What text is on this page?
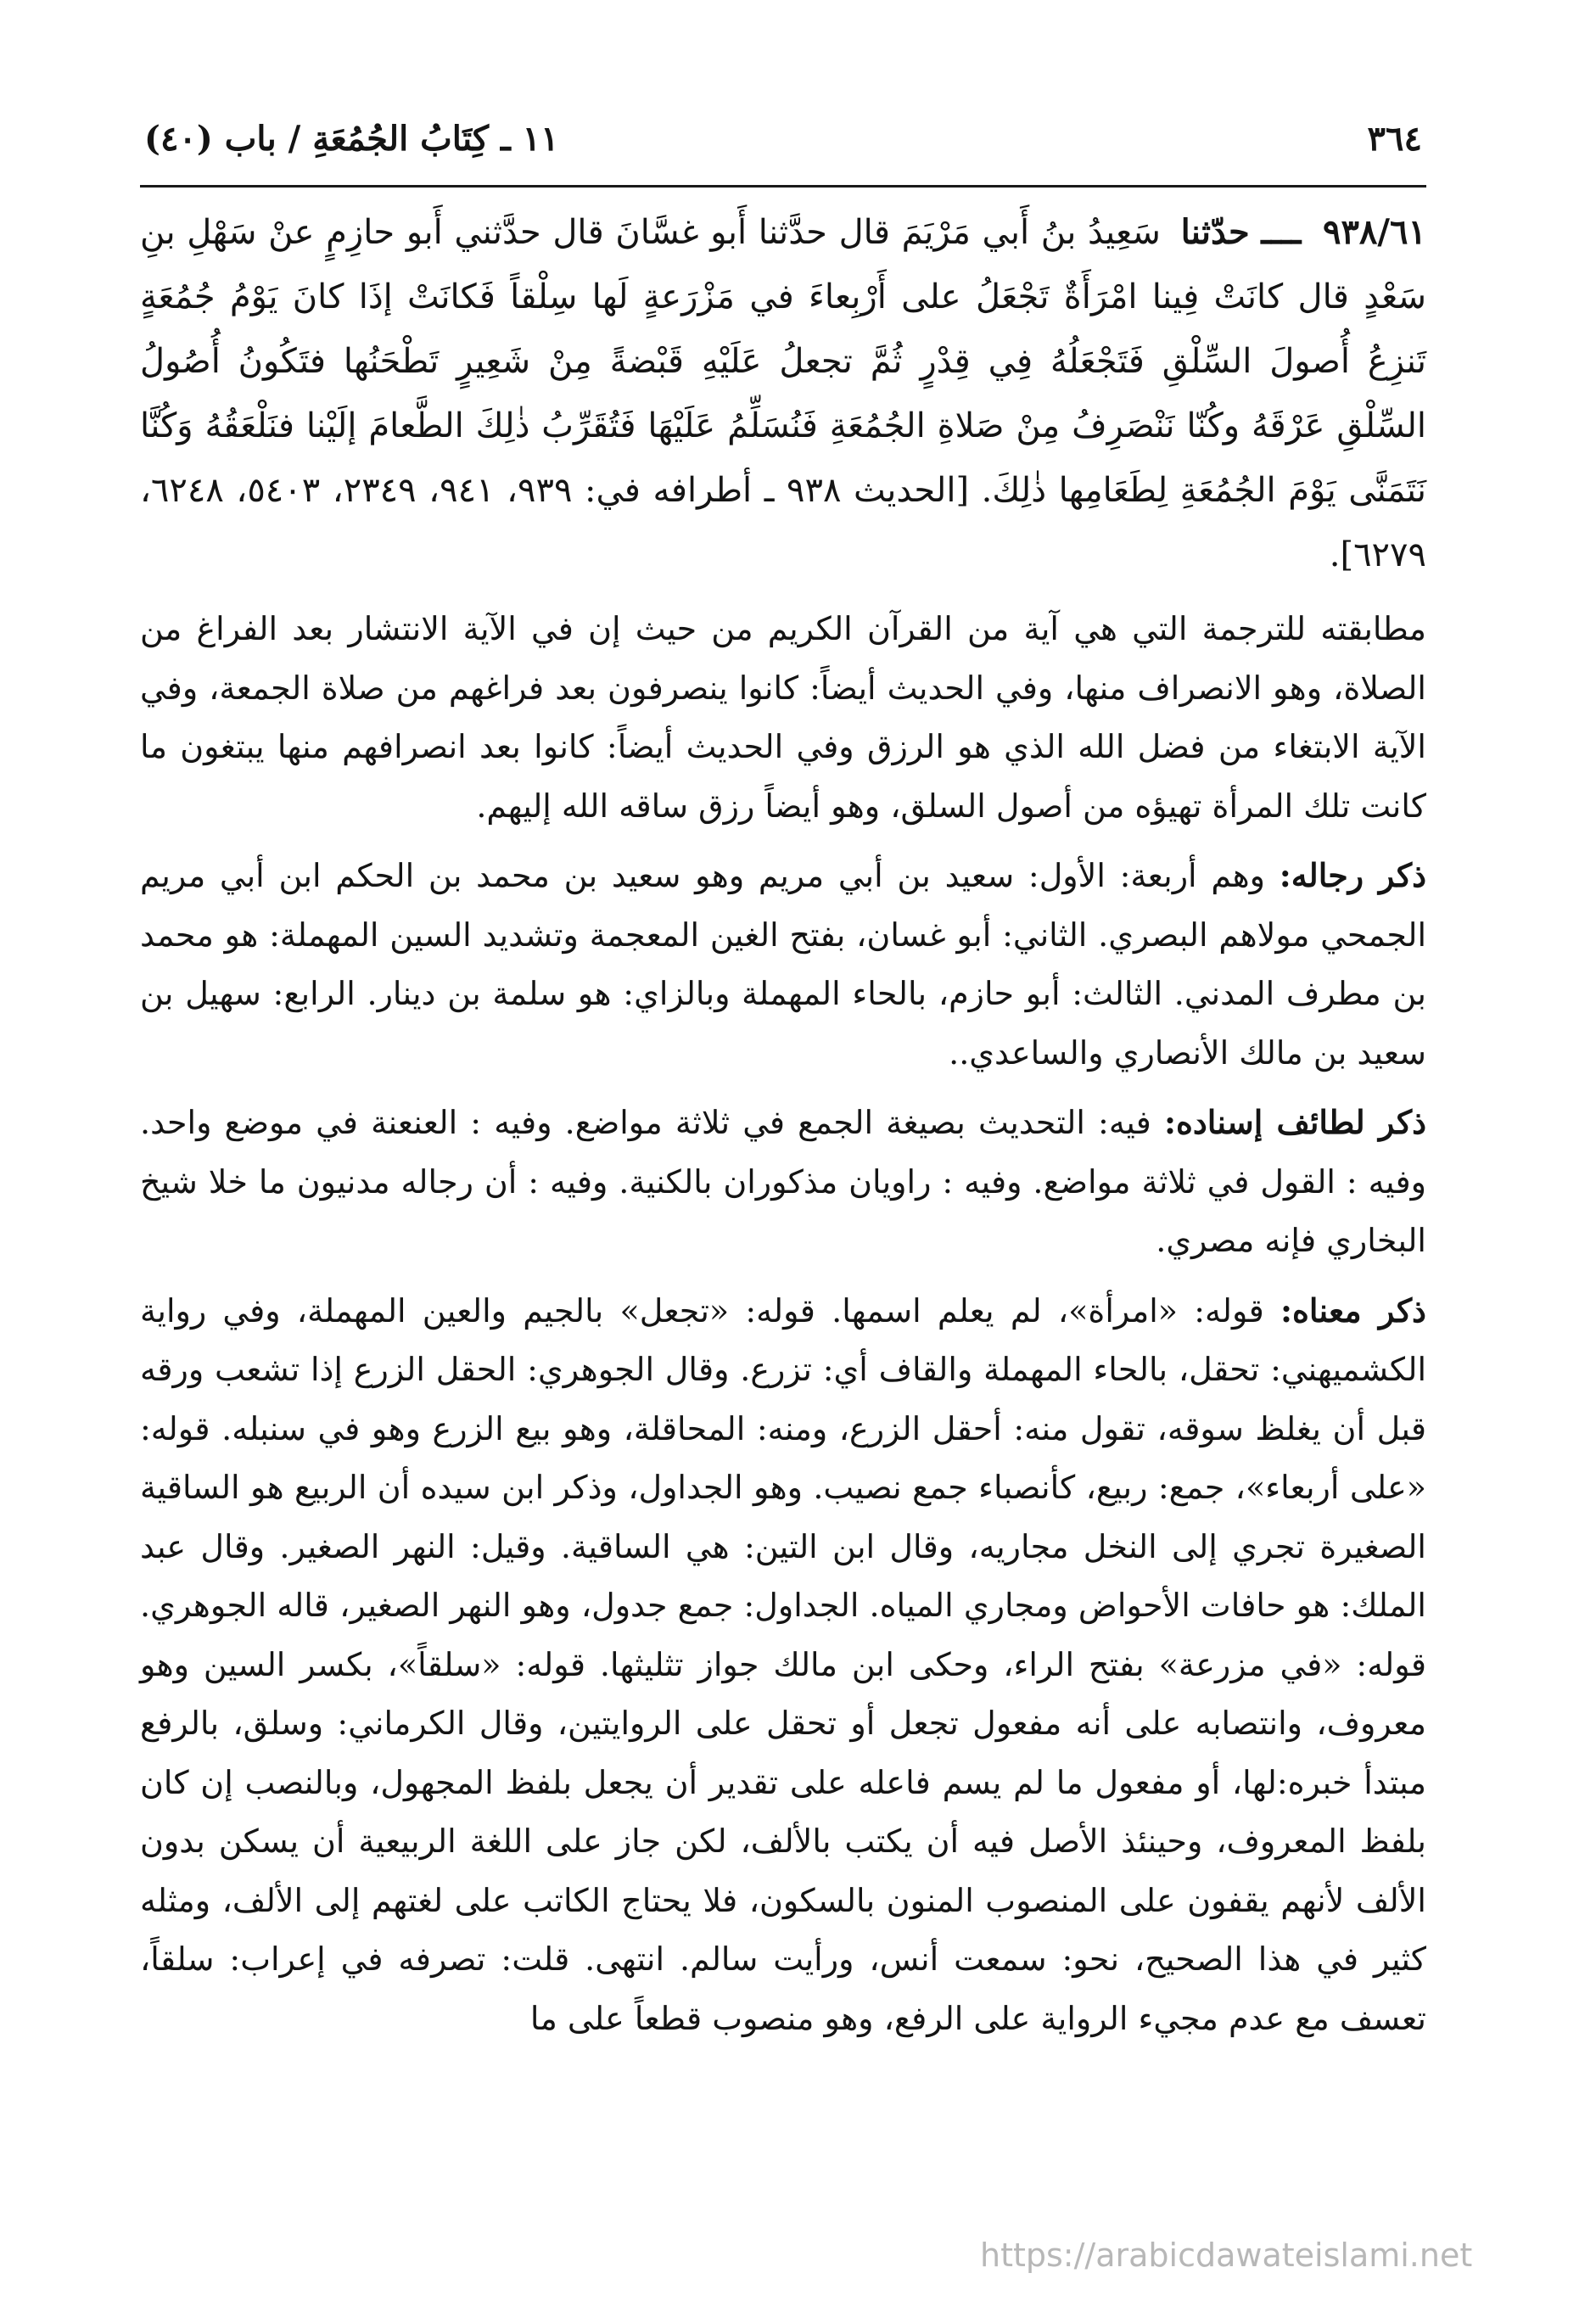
٣٦٤
١١ ـ كِتَابُ الجُمُعَةِ / باب (٤٠)

٩٣٨/٦١ ــــ حدّثنا سَعِيدُ بنُ أَبي مَرْيَمَ قال حدَّثنا أَبو غسَّانَ قال حدَّثني أَبو حازِمٍ عنْ سَهْلِ بنِ سَعْدٍ قال كانَتْ فِينا امْرَأَةٌ تَجْعَلُ على أَرْبِعاءَ في مَزْرَعةٍ لَها سِلْقاً فَكانَتْ إذَا كانَ يَوْمُ جُمُعَةٍ تَنزِعُ أُصولَ السِّلْقِ فَتَجْعَلُهُ فِي قِدْرٍ ثُمَّ تجعلُ عَلَيْهِ قَبْضةً مِنْ شَعِيرٍ تَطْحَنُها فتَكُونُ أُصُولُ السِّلْقِ عَرْقَهُ وكُنّا نَنْصَرِفُ مِنْ صَلاةِ الجُمُعَةِ فَنُسَلِّمُ عَلَيْهَا فَتُقَرِّبُ ذٰلِكَ الطَّعامَ إلَيْنا فنَلْعَقُهُ وَكُنَّا نَتَمَنَّى يَوْمَ الجُمُعَةِ لِطَعَامِها ذٰلِكَ. [الحديث ٩٣٨ ـ أطرافه في: ٩٣٩، ٩٤١، ٢٣٤٩، ٥٤٠٣، ٦٢٤٨، ٦٢٧٩].

مطابقته للترجمة التي هي آية من القرآن الكريم من حيث إن في الآية الانتشار بعد الفراغ من الصلاة، وهو الانصراف منها، وفي الحديث أيضاً: كانوا ينصرفون بعد فراغهم من صلاة الجمعة، وفي الآية الابتغاء من فضل الله الذي هو الرزق وفي الحديث أيضاً: كانوا بعد انصرافهم منها يبتغون ما كانت تلك المرأة تهيؤه من أصول السلق، وهو أيضاً رزق ساقه الله إليهم.

ذكر رجاله: وهم أربعة: الأول: سعيد بن أبي مريم وهو سعيد بن محمد بن الحكم ابن أبي مريم الجمحي مولاهم البصري. الثاني: أبو غسان، بفتح الغين المعجمة وتشديد السين المهملة: هو محمد بن مطرف المدني. الثالث: أبو حازم، بالحاء المهملة وبالزاي: هو سلمة بن دينار. الرابع: سهيل بن سعيد بن مالك الأنصاري والساعدي..

ذكر لطائف إسناده: فيه: التحديث بصيغة الجمع في ثلاثة مواضع. وفيه : العنعنة في موضع واحد. وفيه : القول في ثلاثة مواضع. وفيه : راويان مذكوران بالكنية. وفيه : أن رجاله مدنيون ما خلا شيخ البخاري فإنه مصري.

ذكر معناه: قوله: «امرأة»، لم يعلم اسمها. قوله: «تجعل» بالجيم والعين المهملة، وفي رواية الكشميهني: تحقل، بالحاء المهملة والقاف أي: تزرع. وقال الجوهري: الحقل الزرع إذا تشعب ورقه قبل أن يغلظ سوقه، تقول منه: أحقل الزرع، ومنه: المحاقلة، وهو بيع الزرع وهو في سنبله. قوله: «على أربعاء»، جمع: ربيع، كأنصباء جمع نصيب. وهو الجداول، وذكر ابن سيده أن الربيع هو الساقية الصغيرة تجري إلى النخل مجاريه، وقال ابن التين: هي الساقية. وقيل: النهر الصغير. وقال عبد الملك: هو حافات الأحواض ومجاري المياه. الجداول: جمع جدول، وهو النهر الصغير، قاله الجوهري. قوله: «في مزرعة» بفتح الراء، وحكى ابن مالك جواز تثليثها. قوله: «سلقاً»، بكسر السين وهو معروف، وانتصابه على أنه مفعول تجعل أو تحقل على الروايتين، وقال الكرماني: وسلق، بالرفع مبتدأ خبره:لها، أو مفعول ما لم يسم فاعله على تقدير أن يجعل بلفظ المجهول، وبالنصب إن كان بلفظ المعروف، وحينئذ الأصل فيه أن يكتب بالألف، لكن جاز على اللغة الربيعية أن يسكن بدون الألف لأنهم يقفون على المنصوب المنون بالسكون، فلا يحتاج الكاتب على لغتهم إلى الألف، ومثله كثير في هذا الصحيح، نحو: سمعت أنس، ورأيت سالم. انتهى. قلت: تصرفه في إعراب: سلقاً، تعسف مع عدم مجيء الرواية على الرفع، وهو منصوب قطعاً على ما

https://arabicdawateislami.net
